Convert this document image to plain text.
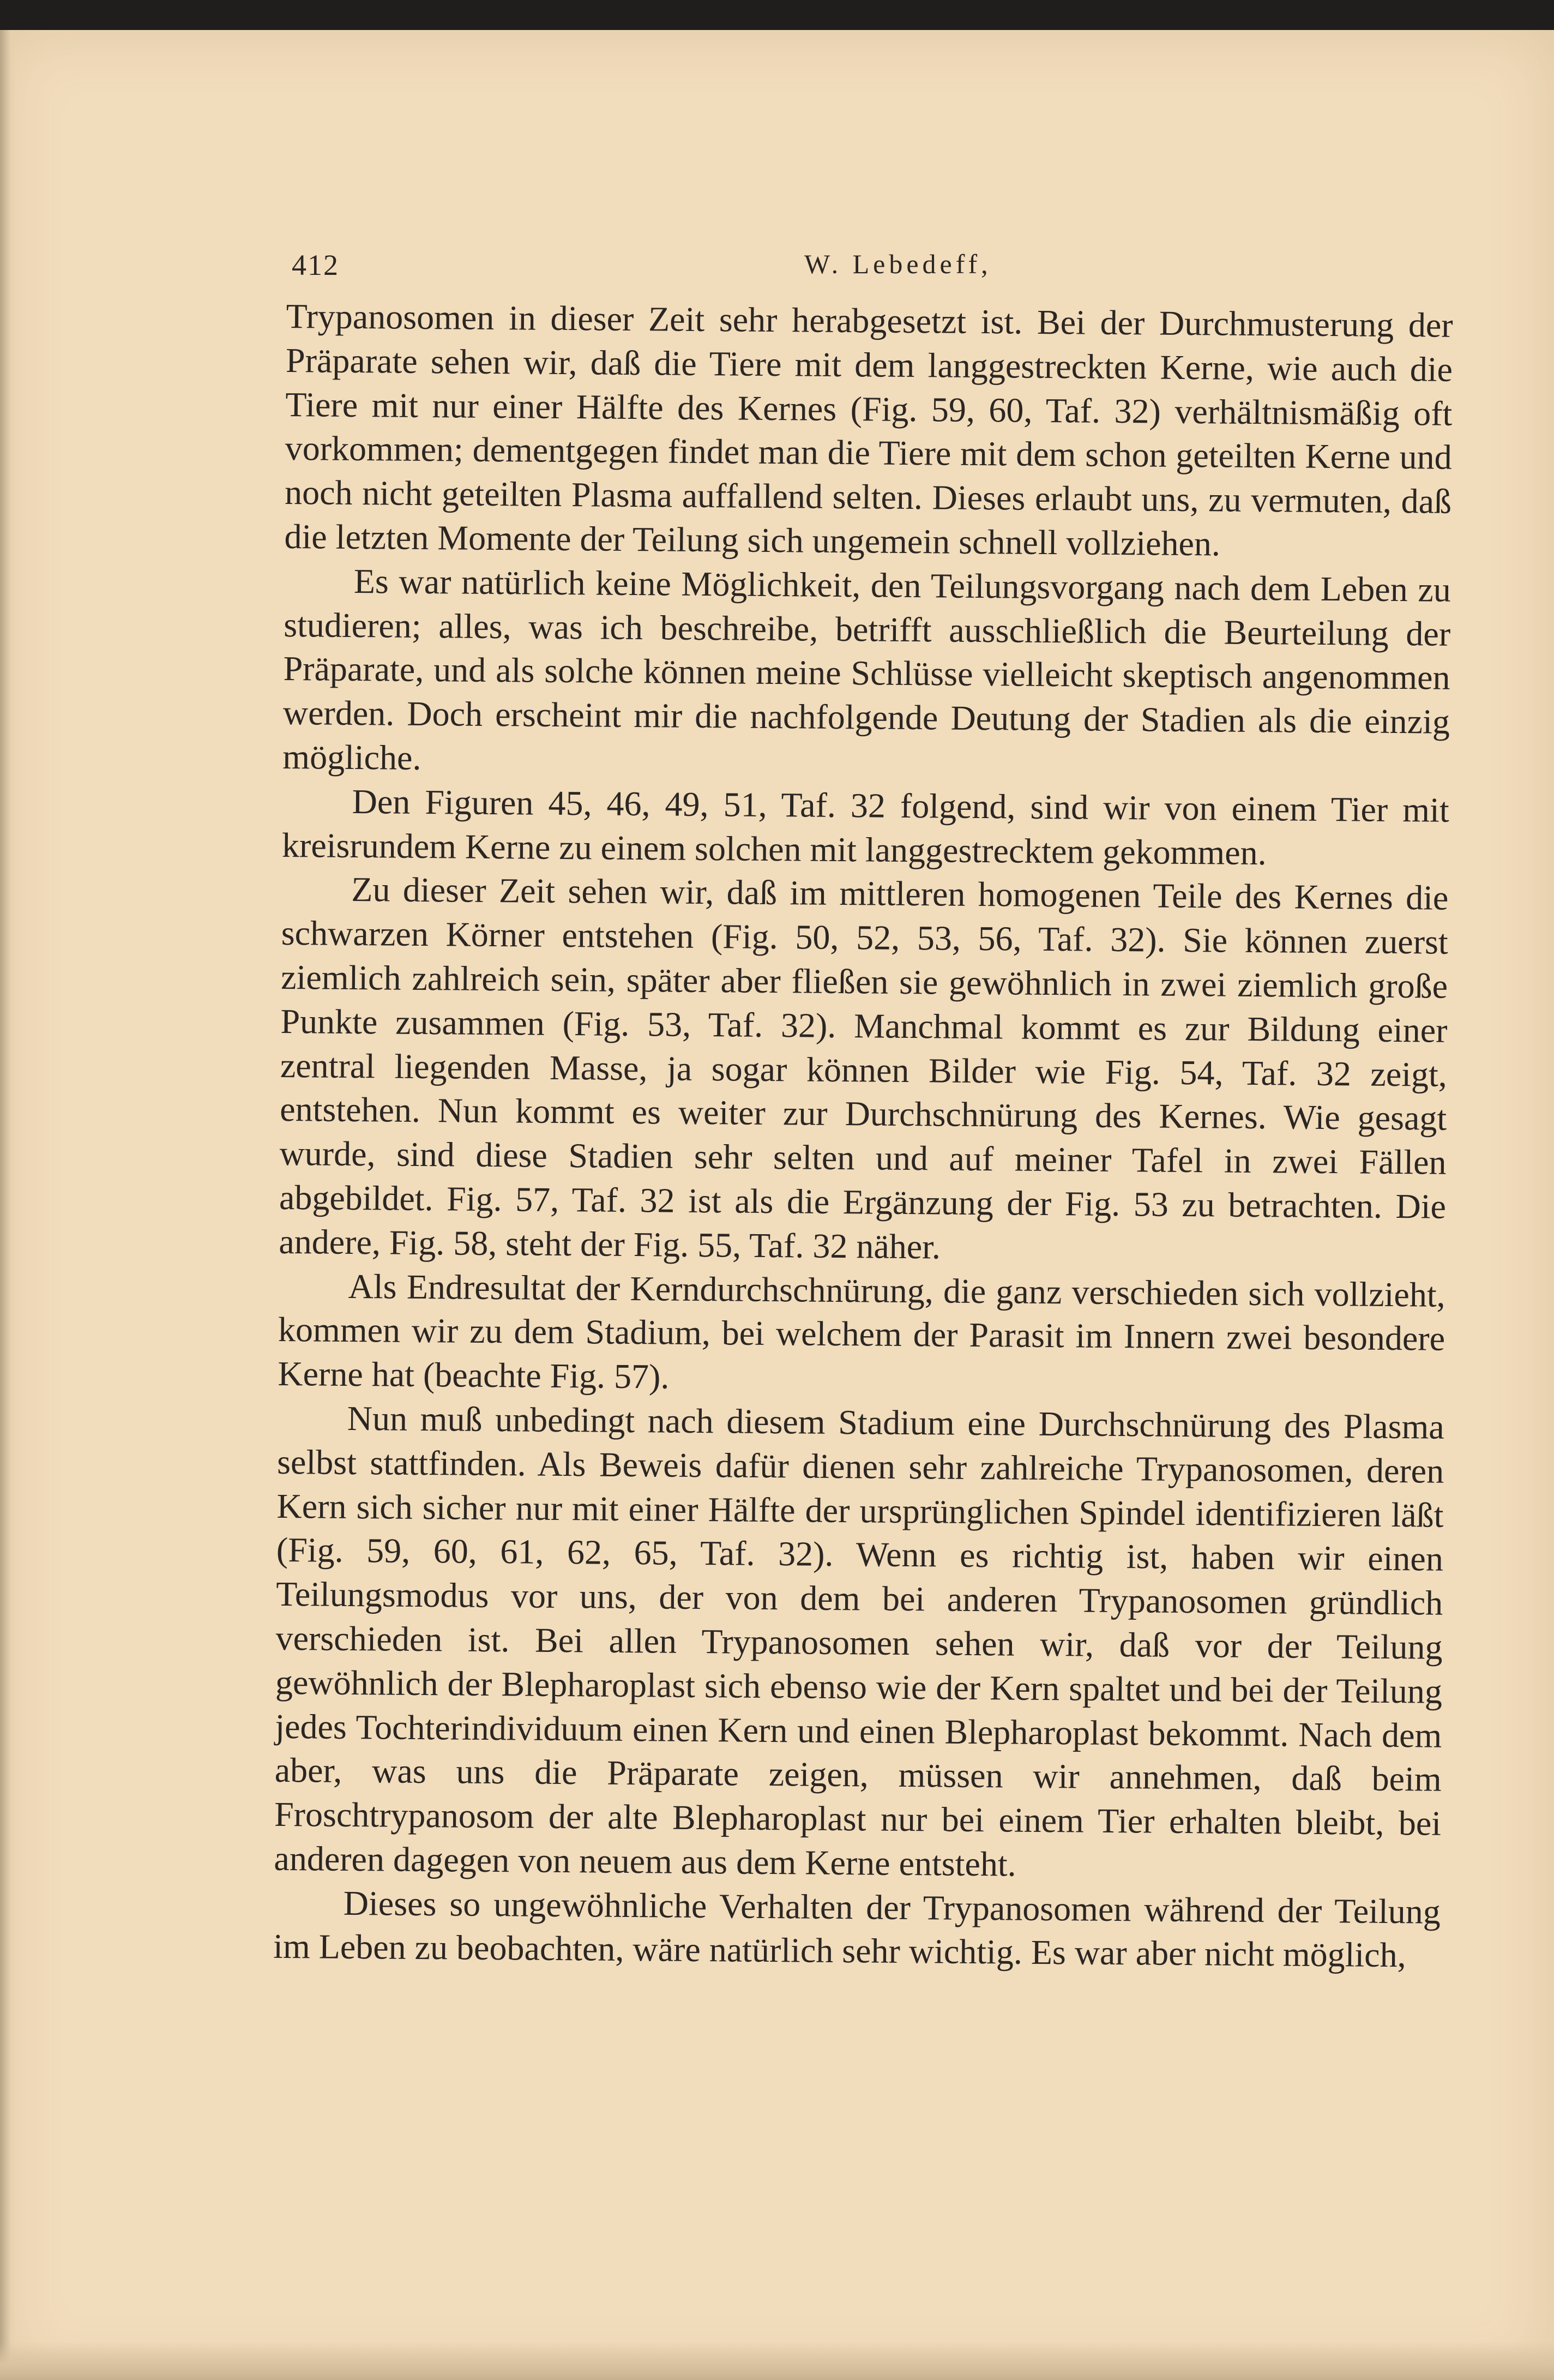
412	W. Lebedeff,

Trypanosomen in dieser Zeit sehr herabgesetzt ist. Bei der Durchmusterung der Präparate sehen wir, daß die Tiere mit dem langgestreckten Kerne, wie auch die Tiere mit nur einer Hälfte des Kernes (Fig. 59, 60, Taf. 32) verhältnismäßig oft vorkommen; dementgegen findet man die Tiere mit dem schon geteilten Kerne und noch nicht geteilten Plasma auffallend selten. Dieses erlaubt uns, zu vermuten, daß die letzten Momente der Teilung sich ungemein schnell vollziehen.

Es war natürlich keine Möglichkeit, den Teilungsvorgang nach dem Leben zu studieren; alles, was ich beschreibe, betrifft ausschließlich die Beurteilung der Präparate, und als solche können meine Schlüsse vielleicht skeptisch angenommen werden. Doch erscheint mir die nachfolgende Deutung der Stadien als die einzig mögliche.

Den Figuren 45, 46, 49, 51, Taf. 32 folgend, sind wir von einem Tier mit kreisrundem Kerne zu einem solchen mit langgestrecktem gekommen.

Zu dieser Zeit sehen wir, daß im mittleren homogenen Teile des Kernes die schwarzen Körner entstehen (Fig. 50, 52, 53, 56, Taf. 32). Sie können zuerst ziemlich zahlreich sein, später aber fließen sie gewöhnlich in zwei ziemlich große Punkte zusammen (Fig. 53, Taf. 32). Manchmal kommt es zur Bildung einer zentral liegenden Masse, ja sogar können Bilder wie Fig. 54, Taf. 32 zeigt, entstehen. Nun kommt es weiter zur Durchschnürung des Kernes. Wie gesagt wurde, sind diese Stadien sehr selten und auf meiner Tafel in zwei Fällen abgebildet. Fig. 57, Taf. 32 ist als die Ergänzung der Fig. 53 zu betrachten. Die andere, Fig. 58, steht der Fig. 55, Taf. 32 näher.

Als Endresultat der Kerndurchschnürung, die ganz verschieden sich vollzieht, kommen wir zu dem Stadium, bei welchem der Parasit im Innern zwei besondere Kerne hat (beachte Fig. 57).

Nun muß unbedingt nach diesem Stadium eine Durchschnürung des Plasma selbst stattfinden. Als Beweis dafür dienen sehr zahlreiche Trypanosomen, deren Kern sich sicher nur mit einer Hälfte der ursprünglichen Spindel identifizieren läßt (Fig. 59, 60, 61, 62, 65, Taf. 32). Wenn es richtig ist, haben wir einen Teilungsmodus vor uns, der von dem bei anderen Trypanosomen gründlich verschieden ist. Bei allen Trypanosomen sehen wir, daß vor der Teilung gewöhnlich der Blepharoplast sich ebenso wie der Kern spaltet und bei der Teilung jedes Tochterindividuum einen Kern und einen Blepharoplast bekommt. Nach dem aber, was uns die Präparate zeigen, müssen wir annehmen, daß beim Froschtrypanosom der alte Blepharoplast nur bei einem Tier erhalten bleibt, bei anderen dagegen von neuem aus dem Kerne entsteht.

Dieses so ungewöhnliche Verhalten der Trypanosomen während der Teilung im Leben zu beobachten, wäre natürlich sehr wichtig. Es war aber nicht möglich,
